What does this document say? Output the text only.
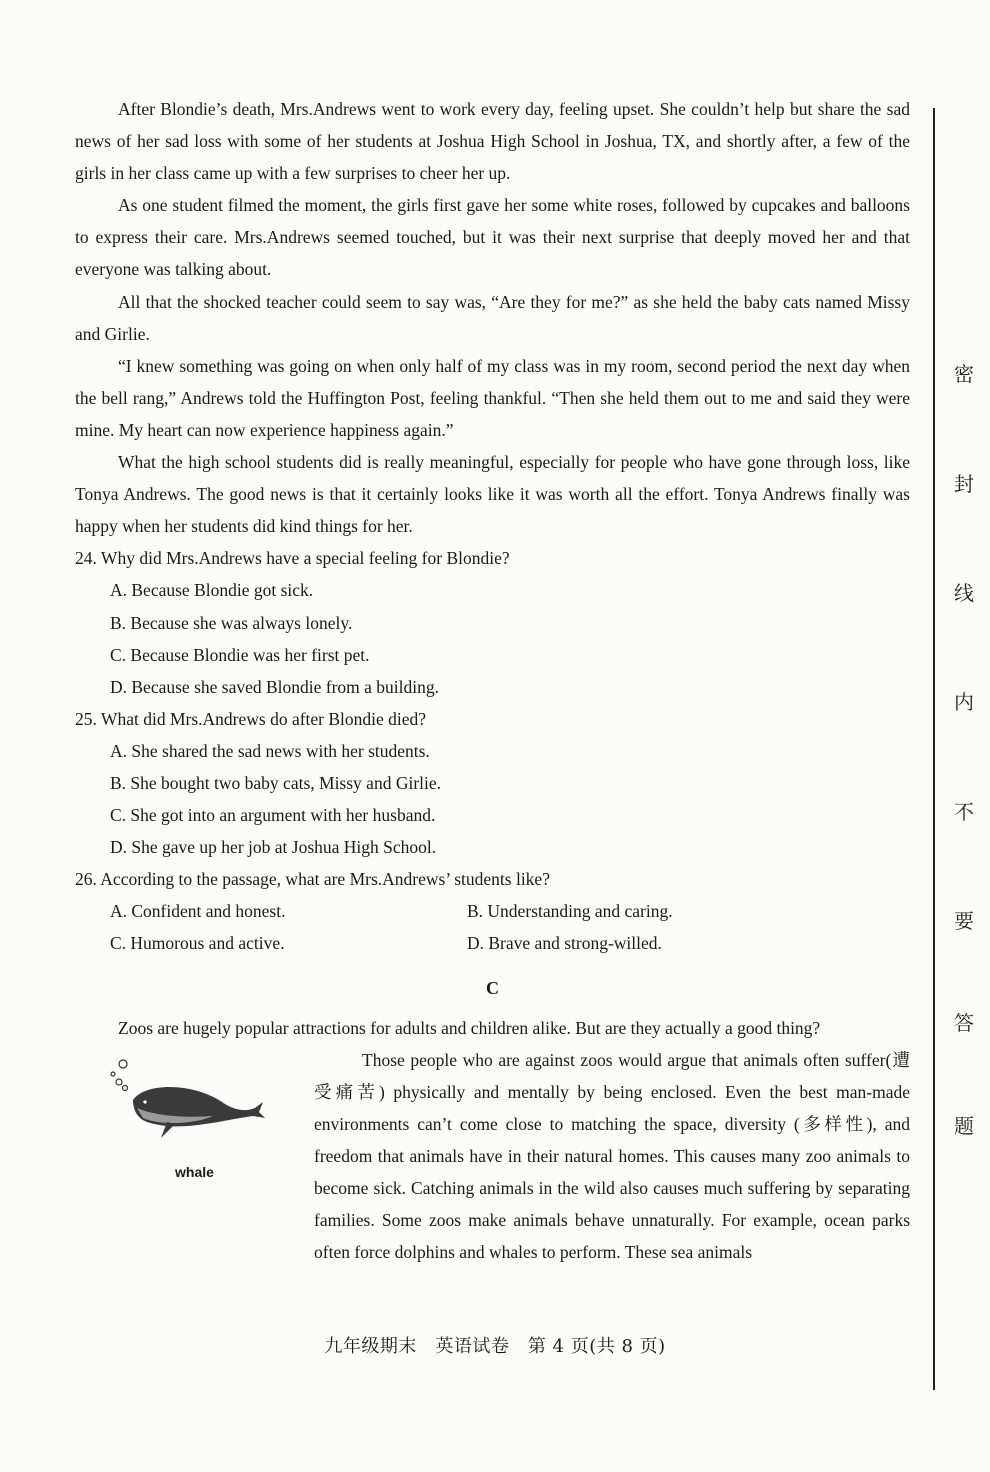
After Blondie’s death, Mrs.Andrews went to work every day, feeling upset. She couldn’t help but share the sad news of her sad loss with some of her students at Joshua High School in Joshua, TX, and shortly after, a few of the girls in her class came up with a few surprises to cheer her up.

As one student filmed the moment, the girls first gave her some white roses, followed by cupcakes and balloons to express their care. Mrs.Andrews seemed touched, but it was their next surprise that deeply moved her and that everyone was talking about.

All that the shocked teacher could seem to say was, “Are they for me?” as she held the baby cats named Missy and Girlie.

“I knew something was going on when only half of my class was in my room, second period the next day when the bell rang,” Andrews told the Huffington Post, feeling thankful. “Then she held them out to me and said they were mine. My heart can now experience happiness again.”

What the high school students did is really meaningful, especially for people who have gone through loss, like Tonya Andrews. The good news is that it certainly looks like it was worth all the effort. Tonya Andrews finally was happy when her students did kind things for her.

24. Why did Mrs.Andrews have a special feeling for Blondie?

A. Because Blondie got sick.

B. Because she was always lonely.

C. Because Blondie was her first pet.

D. Because she saved Blondie from a building.

25. What did Mrs.Andrews do after Blondie died?

A. She shared the sad news with her students.

B. She bought two baby cats, Missy and Girlie.

C. She got into an argument with her husband.

D. She gave up her job at Joshua High School.

26. According to the passage, what are Mrs.Andrews’ students like?

A. Confident and honest.	B. Understanding and caring.
C. Humorous and active.	D. Brave and strong-willed.
C

Zoos are hugely popular attractions for adults and children alike. But are they actually a good thing?

whale

Those people who are against zoos would argue that animals often suffer(遭受痛苦) physically and mentally by being enclosed. Even the best man-made environments can’t come close to matching the space, diversity (多样性), and freedom that animals have in their natural homes. This causes many zoo animals to become sick. Catching animals in the wild also causes much suffering by separating families. Some zoos make animals behave unnaturally. For example, ocean parks often force dolphins and whales to perform. These sea animals

九年级期末　英语试卷　第 4 页(共 8 页)
密
封
线
内
不
要
答
题
